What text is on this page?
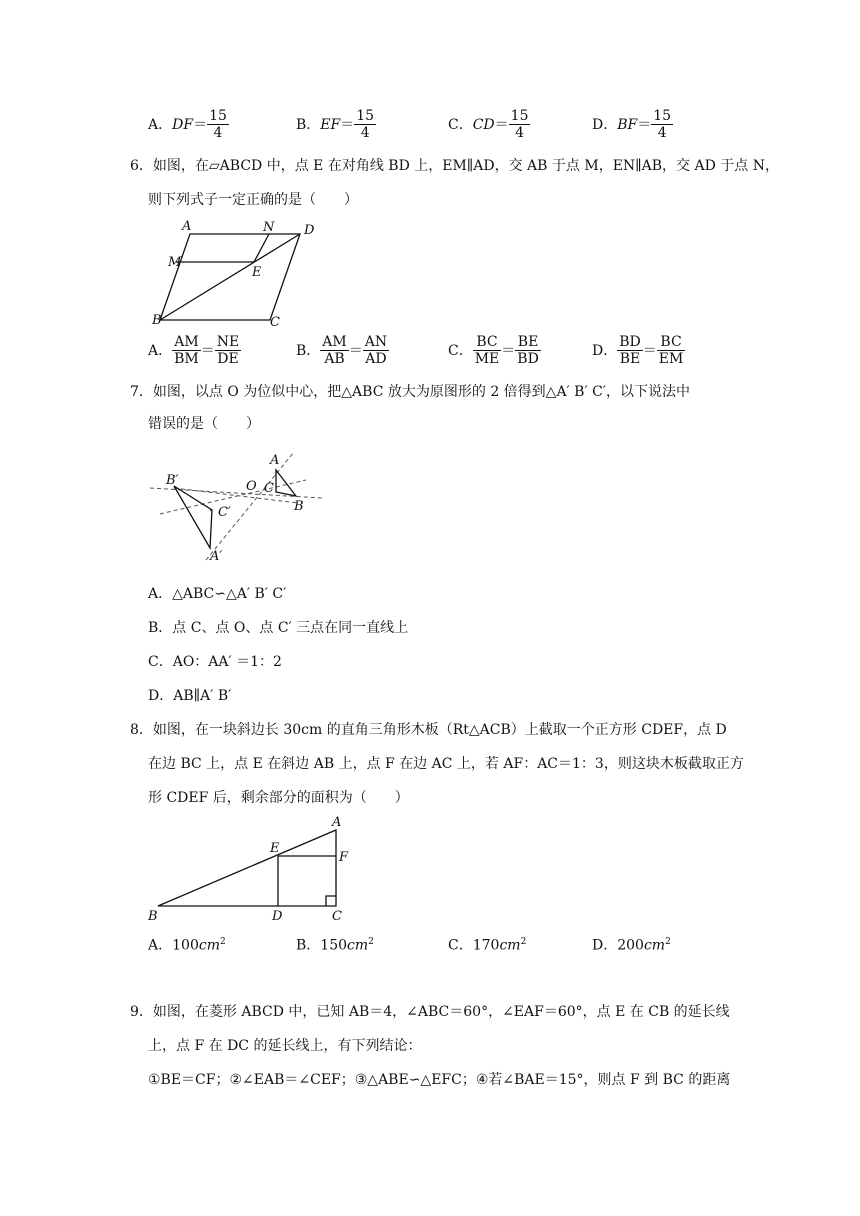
A． DF ＝ $\frac{15}{4}$	B． EF ＝ $\frac{15}{4}$	C． CD ＝ $\frac{15}{4}$	D． BF ＝ $\frac{15}{4}$
6．如图，在▱ABCD 中，点 E 在对角线 BD 上，EM∥AD，交 AB 于点 M，EN∥AB，交 AD 于点 N，
则下列式子一定正确的是（　　）
A	N D
M
E
B	C
A． $\frac{AM}{BM} = \frac{NE}{DE}$	B． $\frac{AM}{AB} = \frac{AN}{AD}$	C． $\frac{BC}{ME} = \frac{BE}{BD}$	D． $\frac{BD}{BE} = \frac{BC}{EM}$
7．如图，以点 O 为位似中心，把△ABC 放大为原图形的 2 倍得到△A′ B′ C′，以下说法中
错误的是（　　）
B′
C′
A′
O
A
C
B
A．△ABC∽△A′ B′ C′
B．点 C、点 O、点 C′ 三点在同一直线上
C．AO：AA′ ＝1：2
D．AB∥A′ B′
8．如图，在一块斜边长 30cm 的直角三角形木板（Rt△ACB）上截取一个正方形 CDEF，点 D
在边 BC 上，点 E 在斜边 AB 上，点 F 在边 AC 上，若 AF：AC＝1：3，则这块木板截取正方
形 CDEF 后，剩余部分的面积为（　　）
A
E
F
B	D	C
A．$100cm^2$	B．$150cm^2$	C．$170cm^2$	D．$200cm^2$
9．如图，在菱形 ABCD 中，已知 AB＝4，∠ABC＝60°，∠EAF＝60°，点 E 在 CB 的延长线
上，点 F 在 DC 的延长线上，有下列结论：
①BE＝CF；②∠EAB＝∠CEF；③△ABE∽△EFC；④若∠BAE＝15°，则点 F 到 BC 的距离
